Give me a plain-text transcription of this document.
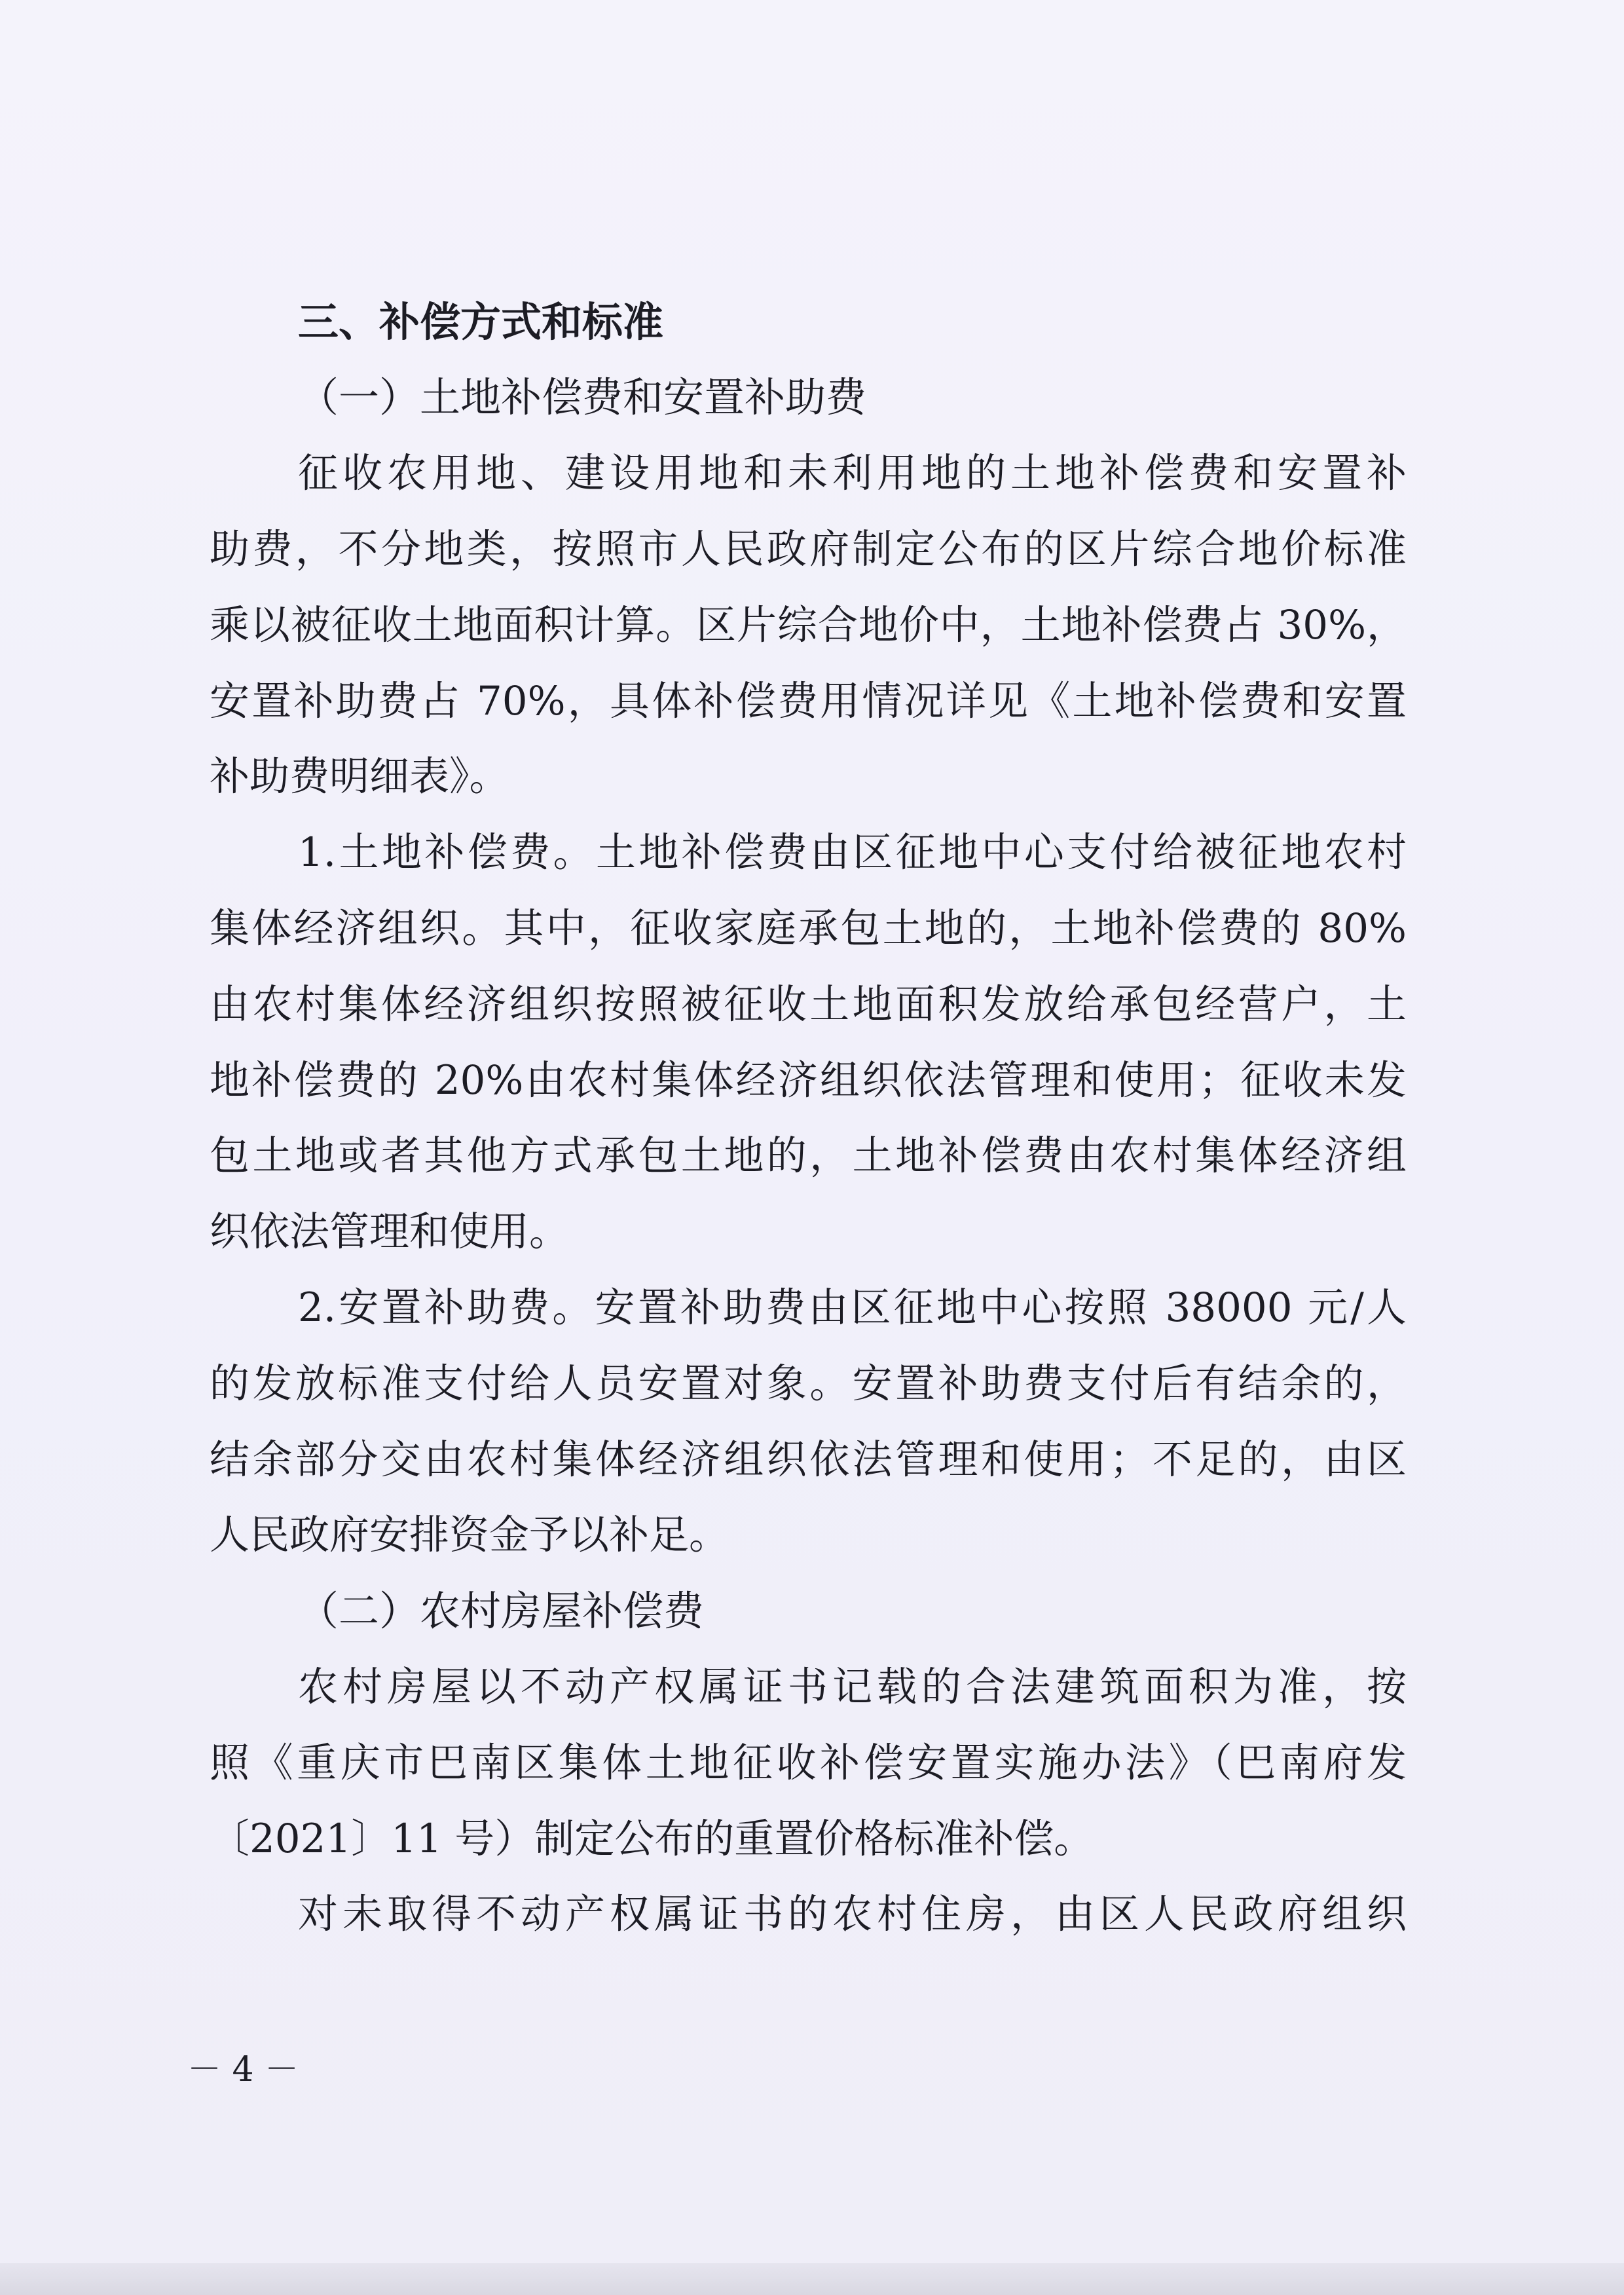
三、补偿方式和标准
（一）土地补偿费和安置补助费
征收农用地、建设用地和未利用地的土地补偿费和安置补
助费，不分地类，按照市人民政府制定公布的区片综合地价标准
乘以被征收土地面积计算。区片综合地价中，土地补偿费占 30%，
安置补助费占 70%，具体补偿费用情况详见《土地补偿费和安置
补助费明细表》。
1.土地补偿费。土地补偿费由区征地中心支付给被征地农村
集体经济组织。其中，征收家庭承包土地的，土地补偿费的 80%
由农村集体经济组织按照被征收土地面积发放给承包经营户，土
地补偿费的 20%由农村集体经济组织依法管理和使用；征收未发
包土地或者其他方式承包土地的，土地补偿费由农村集体经济组
织依法管理和使用。
2.安置补助费。安置补助费由区征地中心按照 38000 元/人
的发放标准支付给人员安置对象。安置补助费支付后有结余的，
结余部分交由农村集体经济组织依法管理和使用；不足的，由区
人民政府安排资金予以补足。
（二）农村房屋补偿费
农村房屋以不动产权属证书记载的合法建筑面积为准，按
照《重庆市巴南区集体土地征收补偿安置实施办法》（巴南府发
〔2021〕11 号）制定公布的重置价格标准补偿。
对未取得不动产权属证书的农村住房，由区人民政府组织
－ 4 －
